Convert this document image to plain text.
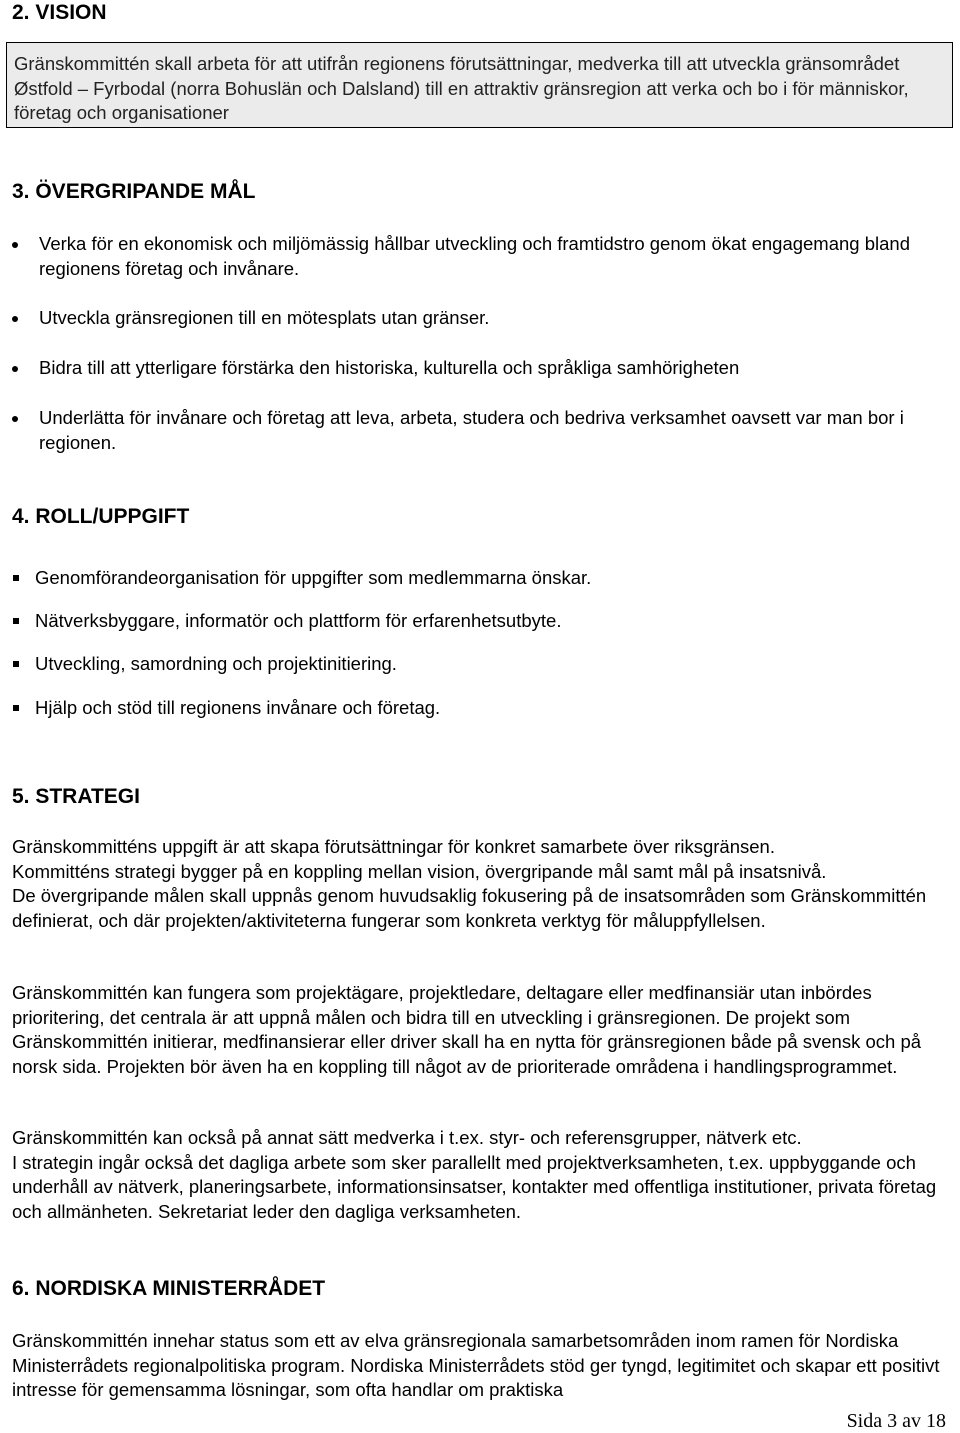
2. VISION

Gränskommittén skall arbeta för att utifrån regionens förutsättningar, medverka till att utveckla gränsområdet Østfold – Fyrbodal (norra Bohuslän och Dalsland) till en attraktiv gränsregion att verka och bo i för människor, företag och organisationer

3. ÖVERGRIPANDE MÅL

Verka för en ekonomisk och miljömässig hållbar utveckling och framtidstro genom ökat engagemang bland regionens företag och invånare.

Utveckla gränsregionen till en mötesplats utan gränser.

Bidra till att ytterligare förstärka den historiska, kulturella och språkliga samhörigheten

Underlätta för invånare och företag att leva, arbeta, studera och bedriva verksamhet oavsett var man bor i regionen.

4. ROLL/UPPGIFT

Genomförandeorganisation för uppgifter som medlemmarna önskar.

Nätverksbyggare, informatör och plattform för erfarenhetsutbyte.

Utveckling, samordning och projektinitiering.

Hjälp och stöd till regionens invånare och företag.

5. STRATEGI

Gränskommitténs uppgift är att skapa förutsättningar för konkret samarbete över riksgränsen.
Kommitténs strategi bygger på en koppling mellan vision, övergripande mål samt mål på insatsnivå.
De övergripande målen skall uppnås genom huvudsaklig fokusering på de insatsområden som Gränskommittén definierat, och där projekten/aktiviteterna fungerar som konkreta verktyg för måluppfyllelsen.

Gränskommittén kan fungera som projektägare, projektledare, deltagare eller medfinansiär utan inbördes prioritering, det centrala är att uppnå målen och bidra till en utveckling i gränsregionen. De projekt som Gränskommittén initierar, medfinansierar eller driver skall ha en nytta för gränsregionen både på svensk och på norsk sida. Projekten bör även ha en koppling till något av de prioriterade områdena i handlingsprogrammet.

Gränskommittén kan också på annat sätt medverka i t.ex. styr- och referensgrupper, nätverk etc.
I strategin ingår också det dagliga arbete som sker parallellt med projektverksamheten, t.ex. uppbyggande och underhåll av nätverk, planeringsarbete, informationsinsatser, kontakter med offentliga institutioner, privata företag och allmänheten. Sekretariat leder den dagliga verksamheten.

6. NORDISKA MINISTERRÅDET

Gränskommittén innehar status som ett av elva gränsregionala samarbetsområden inom ramen för Nordiska Ministerrådets regionalpolitiska program. Nordiska Ministerrådets stöd ger tyngd, legitimitet och skapar ett positivt intresse för gemensamma lösningar, som ofta handlar om praktiska

Sida 3 av 18
